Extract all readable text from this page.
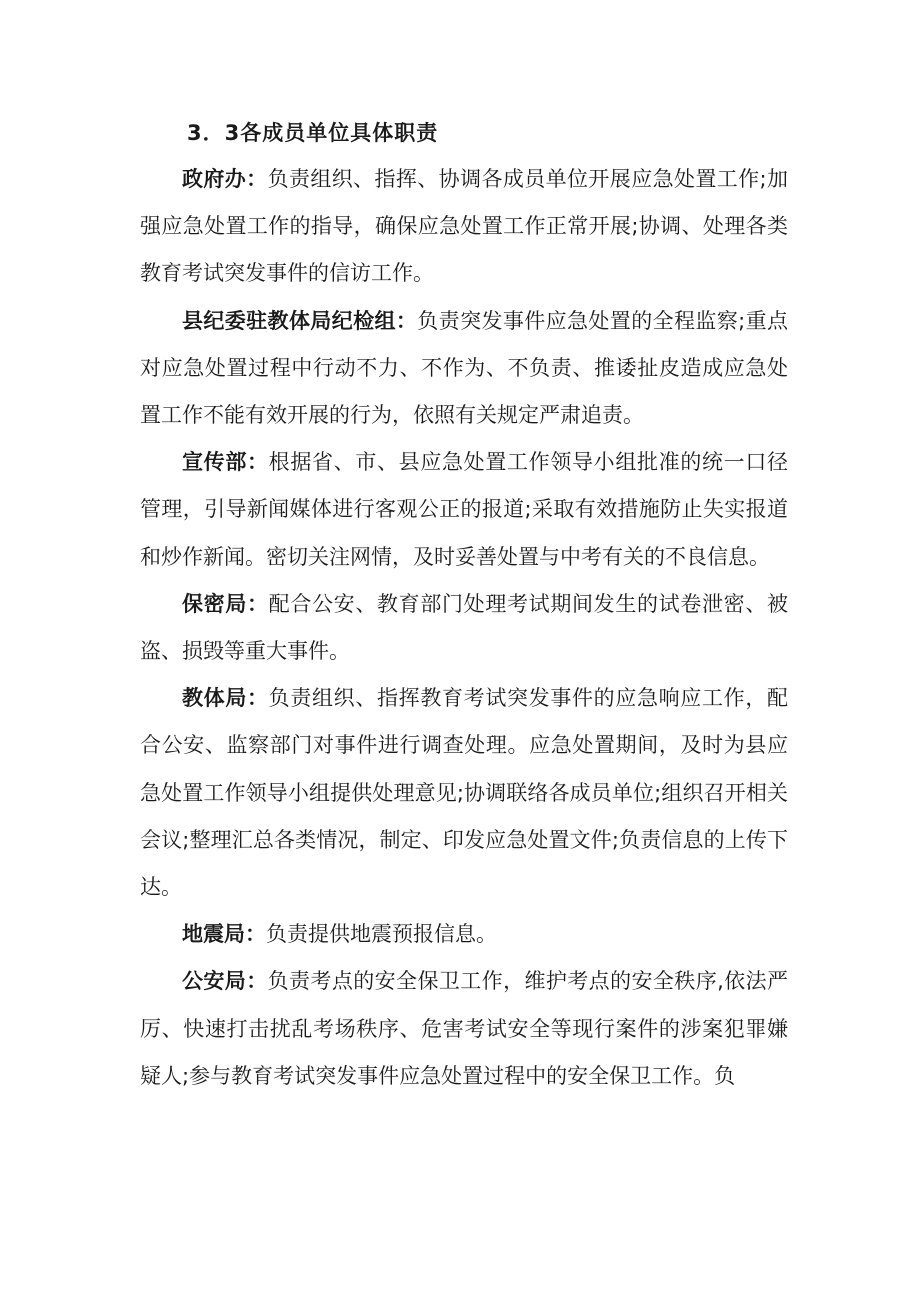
3．3各成员单位具体职责

政府办：负责组织、指挥、协调各成员单位开展应急处置工作;加强应急处置工作的指导，确保应急处置工作正常开展;协调、处理各类教育考试突发事件的信访工作。

县纪委驻教体局纪检组：负责突发事件应急处置的全程监察;重点对应急处置过程中行动不力、不作为、不负责、推诿扯皮造成应急处置工作不能有效开展的行为，依照有关规定严肃追责。

宣传部：根据省、市、县应急处置工作领导小组批准的统一口径管理，引导新闻媒体进行客观公正的报道;采取有效措施防止失实报道和炒作新闻。密切关注网情，及时妥善处置与中考有关的不良信息。

保密局：配合公安、教育部门处理考试期间发生的试卷泄密、被盗、损毁等重大事件。

教体局：负责组织、指挥教育考试突发事件的应急响应工作，配合公安、监察部门对事件进行调查处理。应急处置期间，及时为县应急处置工作领导小组提供处理意见;协调联络各成员单位;组织召开相关会议;整理汇总各类情况，制定、印发应急处置文件;负责信息的上传下达。

地震局：负责提供地震预报信息。

公安局：负责考点的安全保卫工作，维护考点的安全秩序,依法严厉、快速打击扰乱考场秩序、危害考试安全等现行案件的涉案犯罪嫌疑人;参与教育考试突发事件应急处置过程中的安全保卫工作。负
